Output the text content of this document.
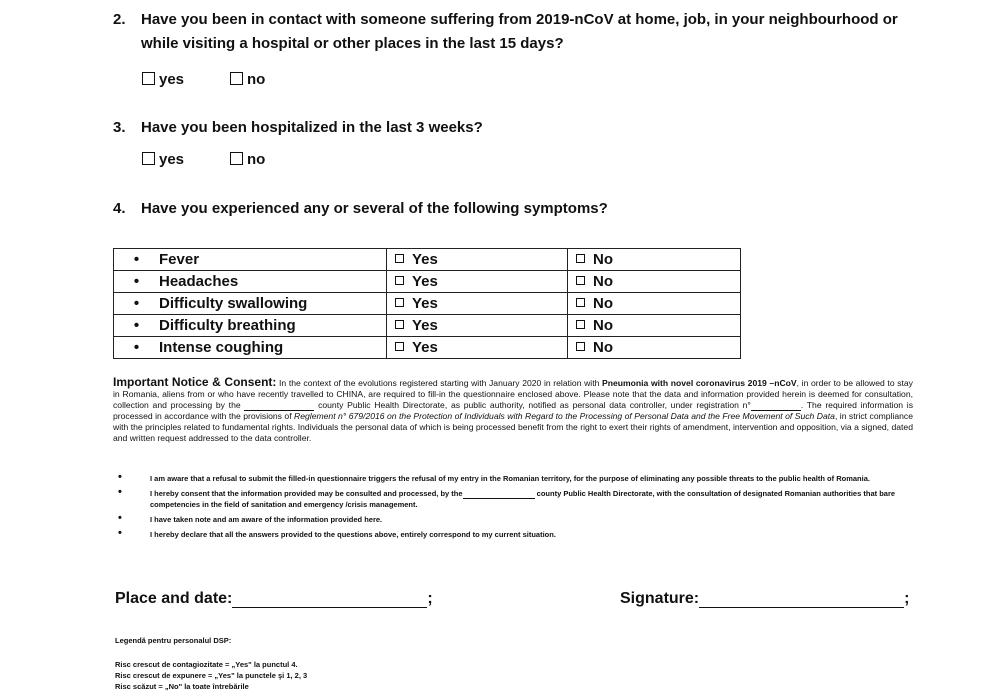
2. Have you been in contact with someone suffering from 2019-nCoV at home, job, in your neighbourhood or
while visiting a hospital or other places in the last 15 days?
yes	no
3. Have you been hospitalized in the last 3 weeks?
yes	no
4. Have you experienced any or several of the following symptoms?
• Fever	Yes	No
• Headaches	Yes	No
• Difficulty swallowing	Yes	No
• Difficulty breathing	Yes	No
• Intense coughing	Yes	No
Important Notice & Consent: In the context of the evolutions registered starting with January 2020 in relation with Pneumonia with novel coronavirus 2019 –nCoV, in order to be allowed to stay in Romania, aliens from or who have recently travelled to CHINA, are required to fill-in the questionnaire enclosed above. Please note that the data and information provided herein is deemed for consultation, collection and processing by the	county Public Health Directorate, as public authority, notified as personal data controller, under registration n°	. The required information is processed in accordance with the provisions of Reglement n° 679/2016 on the Protection of Individuals with Regard to the Processing of Personal Data and the Free Movement of Such Data, in strict compliance with the principles related to fundamental rights. Individuals the personal data of which is being processed benefit from the right to exert their rights of amendment, intervention and opposition, via a signed, dated and written request addressed to the data controller.
•	I am aware that a refusal to submit the filled-in questionnaire triggers the refusal of my entry in the Romanian territory, for the purpose of eliminating any possible threats to the public health of Romania.
•	I hereby consent that the information provided may be consulted and processed, by the	county Public Health Directorate, with the consultation of designated Romanian authorities that bare competencies in the field of sanitation and emergency /crisis management.
•	I have taken note and am aware of the information provided here.
•	I hereby declare that all the answers provided to the questions above, entirely correspond to my current situation.
Place and date:	;	Signature:	;
Legendă pentru personalul DSP:
Risc crescut de contagiozitate = „Yes" la punctul 4.
Risc crescut de expunere = „Yes" la punctele şi 1, 2, 3
Risc scăzut = „No" la toate întrebările
